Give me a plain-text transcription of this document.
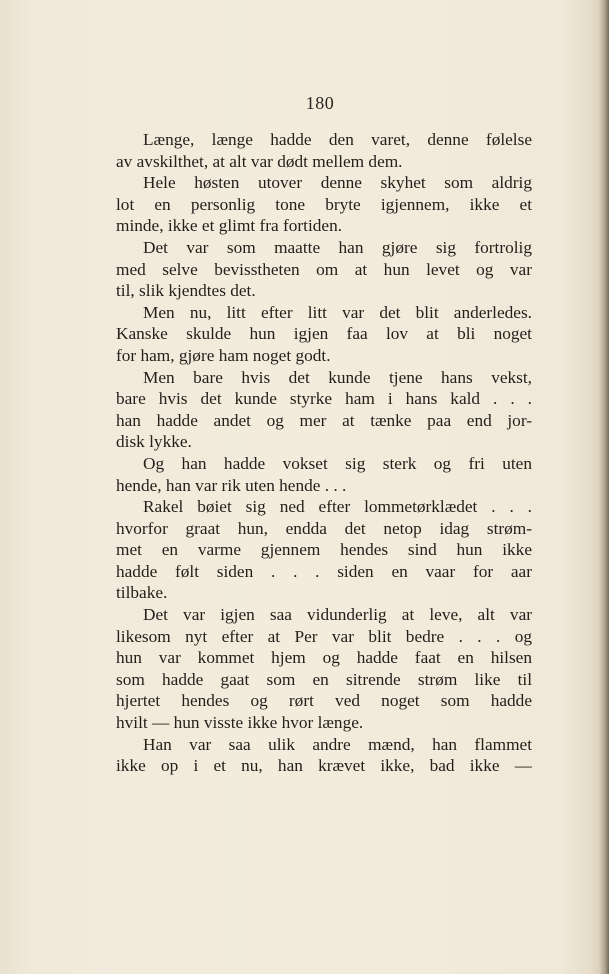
180
Længe, længe hadde den varet, denne følelse
av avskilthet, at alt var dødt mellem dem.
Hele høsten utover denne skyhet som aldrig
lot en personlig tone bryte igjennem, ikke et
minde, ikke et glimt fra fortiden.
Det var som maatte han gjøre sig fortrolig
med selve bevisstheten om at hun levet og var
til, slik kjendtes det.
Men nu, litt efter litt var det blit anderledes.
Kanske skulde hun igjen faa lov at bli noget
for ham, gjøre ham noget godt.
Men bare hvis det kunde tjene hans vekst,
bare hvis det kunde styrke ham i hans kald . . .
han hadde andet og mer at tænke paa end jor-
disk lykke.
Og han hadde vokset sig sterk og fri uten
hende, han var rik uten hende . . .
Rakel bøiet sig ned efter lommetørklædet . . .
hvorfor graat hun, endda det netop idag strøm-
met en varme gjennem hendes sind hun ikke
hadde følt siden . . . siden en vaar for aar
tilbake.
Det var igjen saa vidunderlig at leve, alt var
likesom nyt efter at Per var blit bedre . . . og
hun var kommet hjem og hadde faat en hilsen
som hadde gaat som en sitrende strøm like til
hjertet hendes og rørt ved noget som hadde
hvilt — hun visste ikke hvor længe.
Han var saa ulik andre mænd, han flammet
ikke op i et nu, han krævet ikke, bad ikke —
